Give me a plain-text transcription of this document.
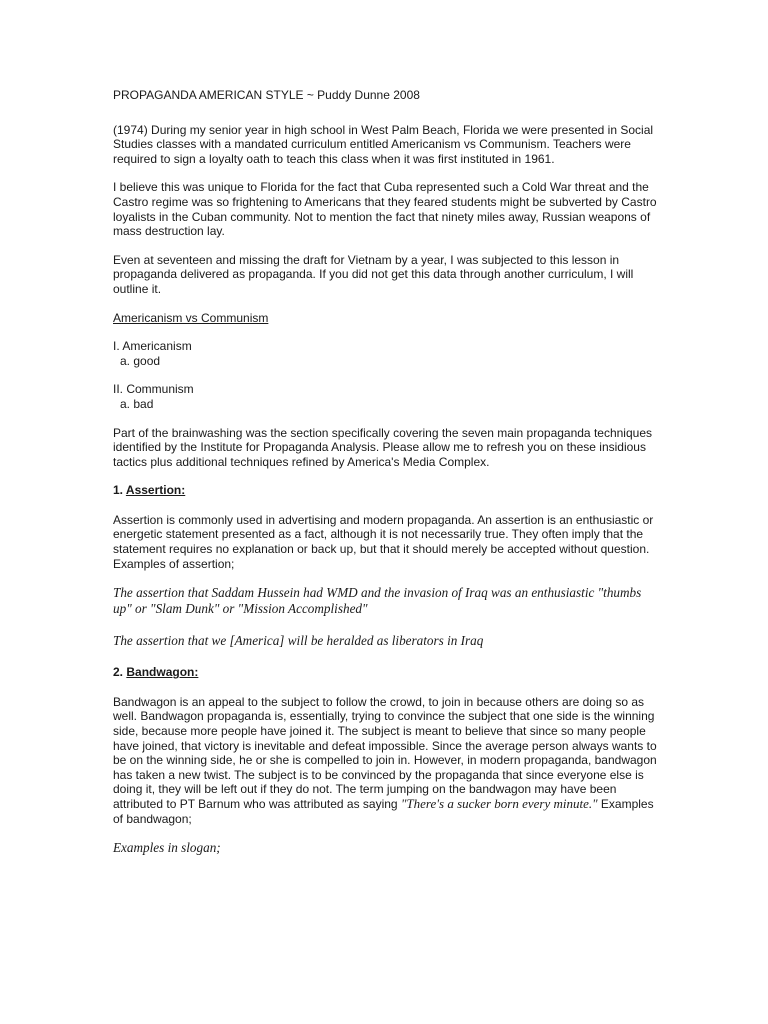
PROPAGANDA AMERICAN STYLE ~ Puddy Dunne 2008

(1974) During my senior year in high school in West Palm Beach, Florida we were presented in Social Studies classes with a mandated curriculum entitled Americanism vs Communism. Teachers were required to sign a loyalty oath to teach this class when it was first instituted in 1961.

I believe this was unique to Florida for the fact that Cuba represented such a Cold War threat and the Castro regime was so frightening to Americans that they feared students might be subverted by Castro loyalists in the Cuban community. Not to mention the fact that ninety miles away, Russian weapons of mass destruction lay.

Even at seventeen and missing the draft for Vietnam by a year, I was subjected to this lesson in propaganda delivered as propaganda. If you did not get this data through another curriculum, I will outline it.

Americanism vs Communism

I. Americanism
a. good
II. Communism
a. bad

Part of the brainwashing was the section specifically covering the seven main propaganda techniques identified by the Institute for Propaganda Analysis. Please allow me to refresh you on these insidious tactics plus additional techniques refined by America's Media Complex.

1. Assertion:

Assertion is commonly used in advertising and modern propaganda. An assertion is an enthusiastic or energetic statement presented as a fact, although it is not necessarily true. They often imply that the statement requires no explanation or back up, but that it should merely be accepted without question. Examples of assertion;

The assertion that Saddam Hussein had WMD and the invasion of Iraq was an enthusiastic "thumbs up" or "Slam Dunk" or "Mission Accomplished"

The assertion that we [America] will be heralded as liberators in Iraq

2. Bandwagon:

Bandwagon is an appeal to the subject to follow the crowd, to join in because others are doing so as well. Bandwagon propaganda is, essentially, trying to convince the subject that one side is the winning side, because more people have joined it. The subject is meant to believe that since so many people have joined, that victory is inevitable and defeat impossible. Since the average person always wants to be on the winning side, he or she is compelled to join in. However, in modern propaganda, bandwagon has taken a new twist. The subject is to be convinced by the propaganda that since everyone else is doing it, they will be left out if they do not. The term jumping on the bandwagon may have been attributed to PT Barnum who was attributed as saying "There's a sucker born every minute." Examples of bandwagon;

Examples in slogan;
